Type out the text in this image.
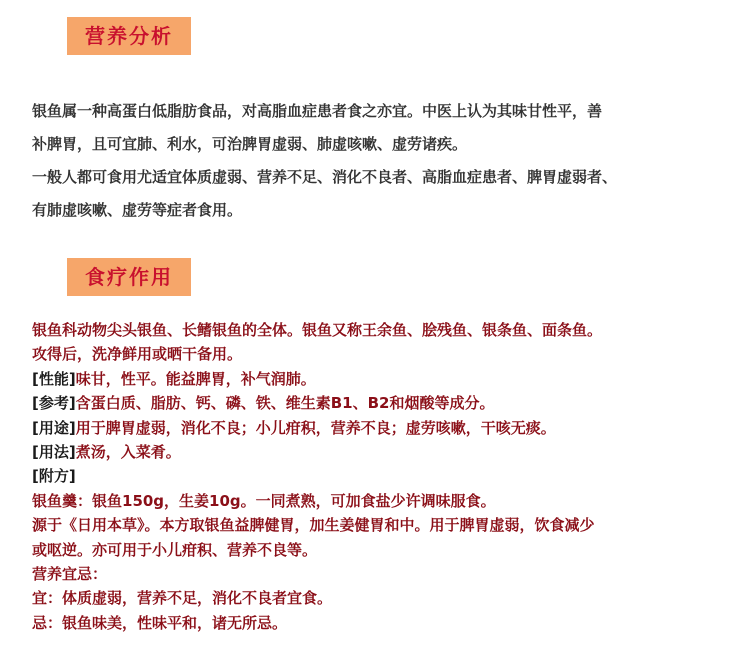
营养分析
银鱼属一种高蛋白低脂肪食品，对高脂血症患者食之亦宜。中医上认为其味甘性平，善
补脾胃，且可宜肺、利水，可治脾胃虚弱、肺虚咳嗽、虚劳诸疾。
一般人都可食用尤适宜体质虚弱、营养不足、消化不良者、高脂血症患者、脾胃虚弱者、
有肺虚咳嗽、虚劳等症者食用。
食疗作用
银鱼科动物尖头银鱼、长鳍银鱼的全体。银鱼又称王余鱼、脍残鱼、银条鱼、面条鱼。
攻得后，洗净鲜用或晒干备用。
[性能]味甘，性平。能益脾胃，补气润肺。
[参考]含蛋白质、脂肪、钙、磷、铁、维生素B1、B2和烟酸等成分。
[用途]用于脾胃虚弱，消化不良；小儿疳积，营养不良；虚劳咳嗽，干咳无痰。
[用法]煮汤，入菜肴。
[附方]
银鱼羹：银鱼150g，生姜10g。一同煮熟，可加食盐少许调味服食。
源于《日用本草》。本方取银鱼益脾健胃，加生姜健胃和中。用于脾胃虚弱，饮食减少
或呕逆。亦可用于小儿疳积、营养不良等。
营养宜忌：
宜：体质虚弱，营养不足，消化不良者宜食。
忌：银鱼味美，性味平和，诸无所忌。
